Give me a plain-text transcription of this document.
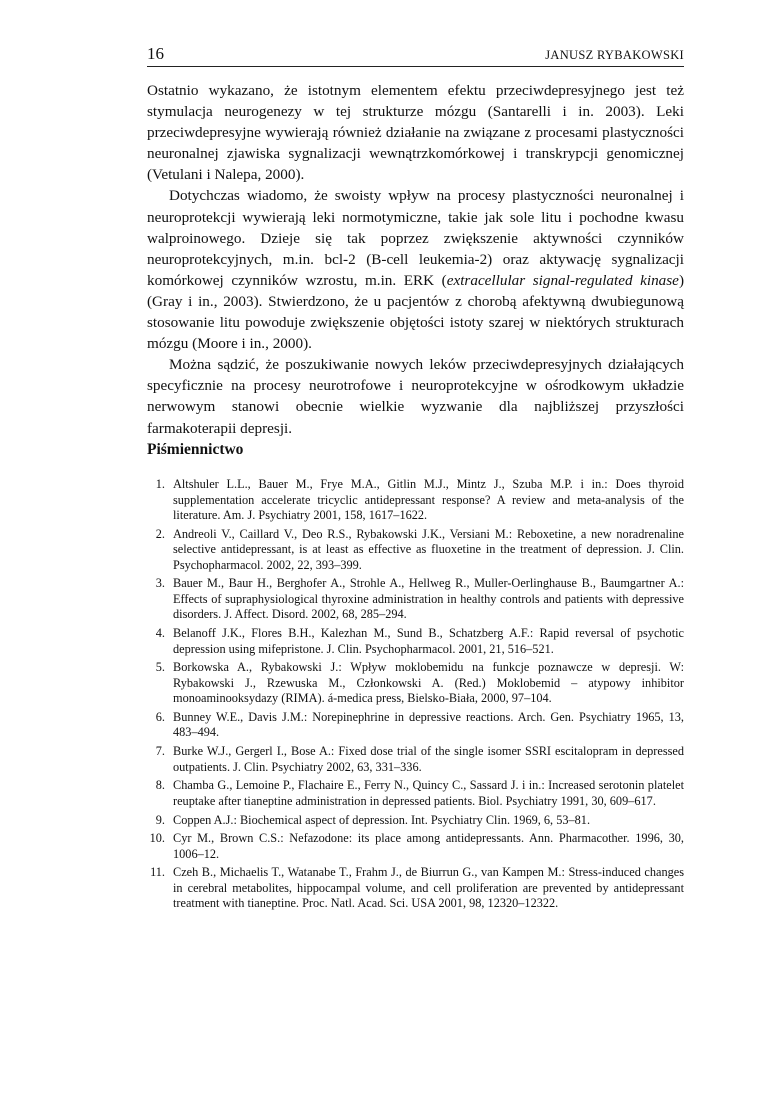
16	JANUSZ RYBAKOWSKI

Ostatnio wykazano, że istotnym elementem efektu przeciwdepresyjnego jest też stymulacja neurogenezy w tej strukturze mózgu (Santarelli i in. 2003). Leki przeciwdepresyjne wywierają również działanie na związane z procesami plastyczności neuronalnej zjawiska sygnalizacji wewnątrzkomórkowej i transkrypcji genomicznej (Vetulani i Nalepa, 2000).

Dotychczas wiadomo, że swoisty wpływ na procesy plastyczności neuronalnej i neuroprotekcji wywierają leki normotymiczne, takie jak sole litu i pochodne kwasu walproinowego. Dzieje się tak poprzez zwiększenie aktywności czynników neuroprotekcyjnych, m.in. bcl-2 (B-cell leukemia-2) oraz aktywację sygnalizacji komórkowej czynników wzrostu, m.in. ERK (extracellular signal-regulated kinase) (Gray i in., 2003). Stwierdzono, że u pacjentów z chorobą afektywną dwubiegunową stosowanie litu powoduje zwiększenie objętości istoty szarej w niektórych strukturach mózgu (Moore i in., 2000).

Można sądzić, że poszukiwanie nowych leków przeciwdepresyjnych działających specyficznie na procesy neurotrofowe i neuroprotekcyjne w ośrodkowym układzie nerwowym stanowi obecnie wielkie wyzwanie dla najbliższej przyszłości farmakoterapii depresji.

Piśmiennictwo
1. Altshuler L.L., Bauer M., Frye M.A., Gitlin M.J., Mintz J., Szuba M.P. i in.: Does thyroid supplementation accelerate tricyclic antidepressant response? A review and meta-analysis of the literature. Am. J. Psychiatry 2001, 158, 1617–1622.
2. Andreoli V., Caillard V., Deo R.S., Rybakowski J.K., Versiani M.: Reboxetine, a new noradrenaline selective antidepressant, is at least as effective as fluoxetine in the treatment of depression. J. Clin. Psychopharmacol. 2002, 22, 393–399.
3. Bauer M., Baur H., Berghofer A., Strohle A., Hellweg R., Muller-Oerlinghause B., Baumgartner A.: Effects of supraphysiological thyroxine administration in healthy controls and patients with depressive disorders. J. Affect. Disord. 2002, 68, 285–294.
4. Belanoff J.K., Flores B.H., Kalezhan M., Sund B., Schatzberg A.F.: Rapid reversal of psychotic depression using mifepristone. J. Clin. Psychopharmacol. 2001, 21, 516–521.
5. Borkowska A., Rybakowski J.: Wpływ moklobemidu na funkcje poznawcze w depresji. W: Rybakowski J., Rzewuska M., Członkowski A. (Red.) Moklobemid – atypowy inhibitor monoaminooksydazy (RIMA). á-medica press, Bielsko-Biała, 2000, 97–104.
6. Bunney W.E., Davis J.M.: Norepinephrine in depressive reactions. Arch. Gen. Psychiatry 1965, 13, 483–494.
7. Burke W.J., Gergerl I., Bose A.: Fixed dose trial of the single isomer SSRI escitalopram in depressed outpatients. J. Clin. Psychiatry 2002, 63, 331–336.
8. Chamba G., Lemoine P., Flachaire E., Ferry N., Quincy C., Sassard J. i in.: Increased serotonin platelet reuptake after tianeptine administration in depressed patients. Biol. Psychiatry 1991, 30, 609–617.
9. Coppen A.J.: Biochemical aspect of depression. Int. Psychiatry Clin. 1969, 6, 53–81.
10. Cyr M., Brown C.S.: Nefazodone: its place among antidepressants. Ann. Pharmacother. 1996, 30, 1006–12.
11. Czeh B., Michaelis T., Watanabe T., Frahm J., de Biurrun G., van Kampen M.: Stress-induced changes in cerebral metabolites, hippocampal volume, and cell proliferation are prevented by antidepressant treatment with tianeptine. Proc. Natl. Acad. Sci. USA 2001, 98, 12320–12322.
